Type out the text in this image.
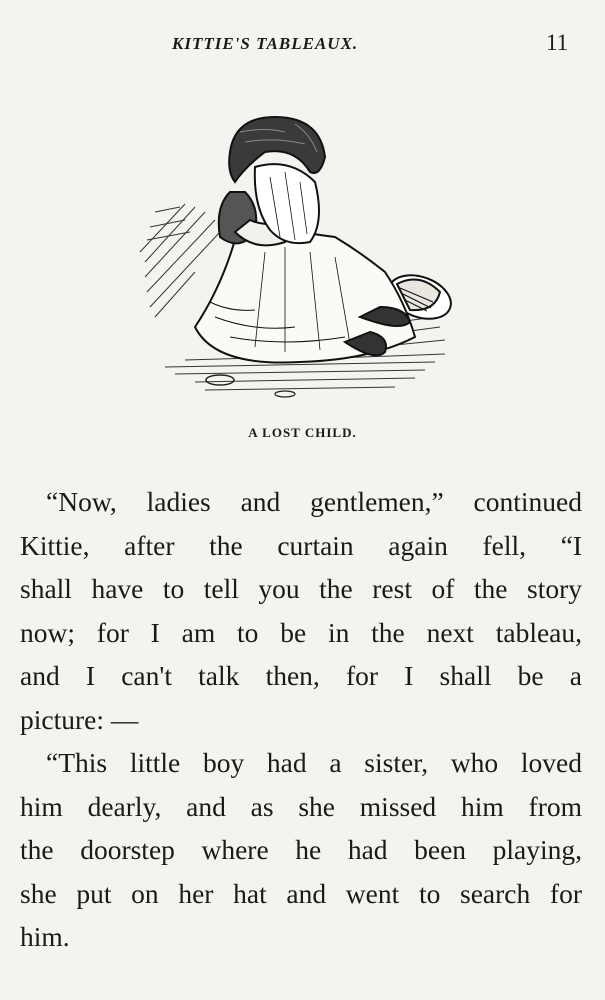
KITTIE'S TABLEAUX.	11
A LOST CHILD.
“Now, ladies and gentlemen,” continued
Kittie, after the curtain again fell, “I
shall have to tell you the rest of the story
now; for I am to be in the next tableau,
and I can't talk then, for I shall be a
picture: —
“This little boy had a sister, who loved
him dearly, and as she missed him from
the doorstep where he had been playing,
she put on her hat and went to search for
him.
